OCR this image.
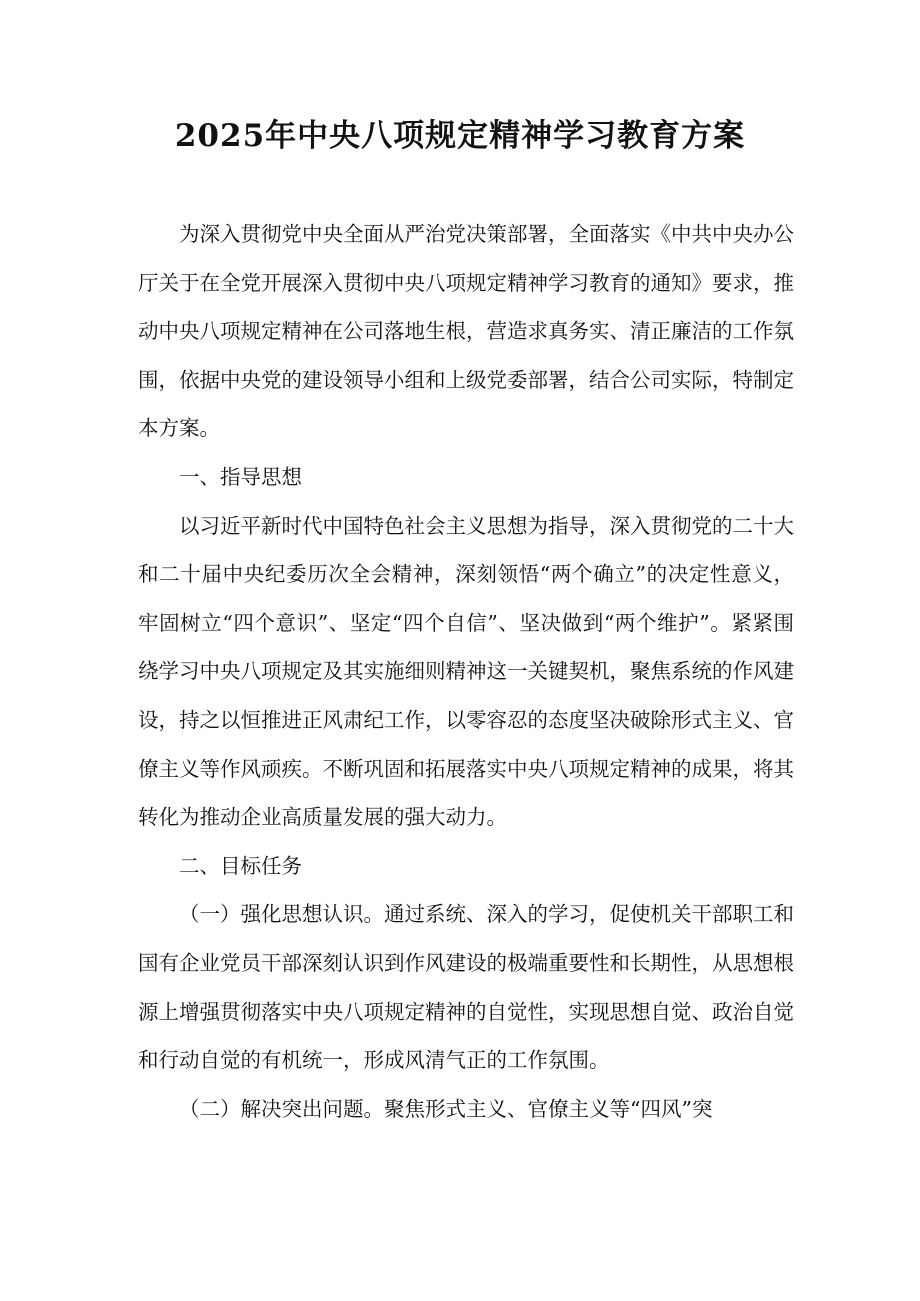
2025年中央八项规定精神学习教育方案

为深入贯彻党中央全面从严治党决策部署，全面落实《中共中央办公厅关于在全党开展深入贯彻中央八项规定精神学习教育的通知》要求，推动中央八项规定精神在公司落地生根，营造求真务实、清正廉洁的工作氛围，依据中央党的建设领导小组和上级党委部署，结合公司实际，特制定本方案。

一、指导思想

以习近平新时代中国特色社会主义思想为指导，深入贯彻党的二十大和二十届中央纪委历次全会精神，深刻领悟“两个确立”的决定性意义，牢固树立“四个意识”、坚定“四个自信”、坚决做到“两个维护”。紧紧围绕学习中央八项规定及其实施细则精神这一关键契机，聚焦系统的作风建设，持之以恒推进正风肃纪工作，以零容忍的态度坚决破除形式主义、官僚主义等作风顽疾。不断巩固和拓展落实中央八项规定精神的成果，将其转化为推动企业高质量发展的强大动力。

二、目标任务

（一）强化思想认识。通过系统、深入的学习，促使机关干部职工和国有企业党员干部深刻认识到作风建设的极端重要性和长期性，从思想根源上增强贯彻落实中央八项规定精神的自觉性，实现思想自觉、政治自觉和行动自觉的有机统一，形成风清气正的工作氛围。

（二）解决突出问题。聚焦形式主义、官僚主义等“四风”突
